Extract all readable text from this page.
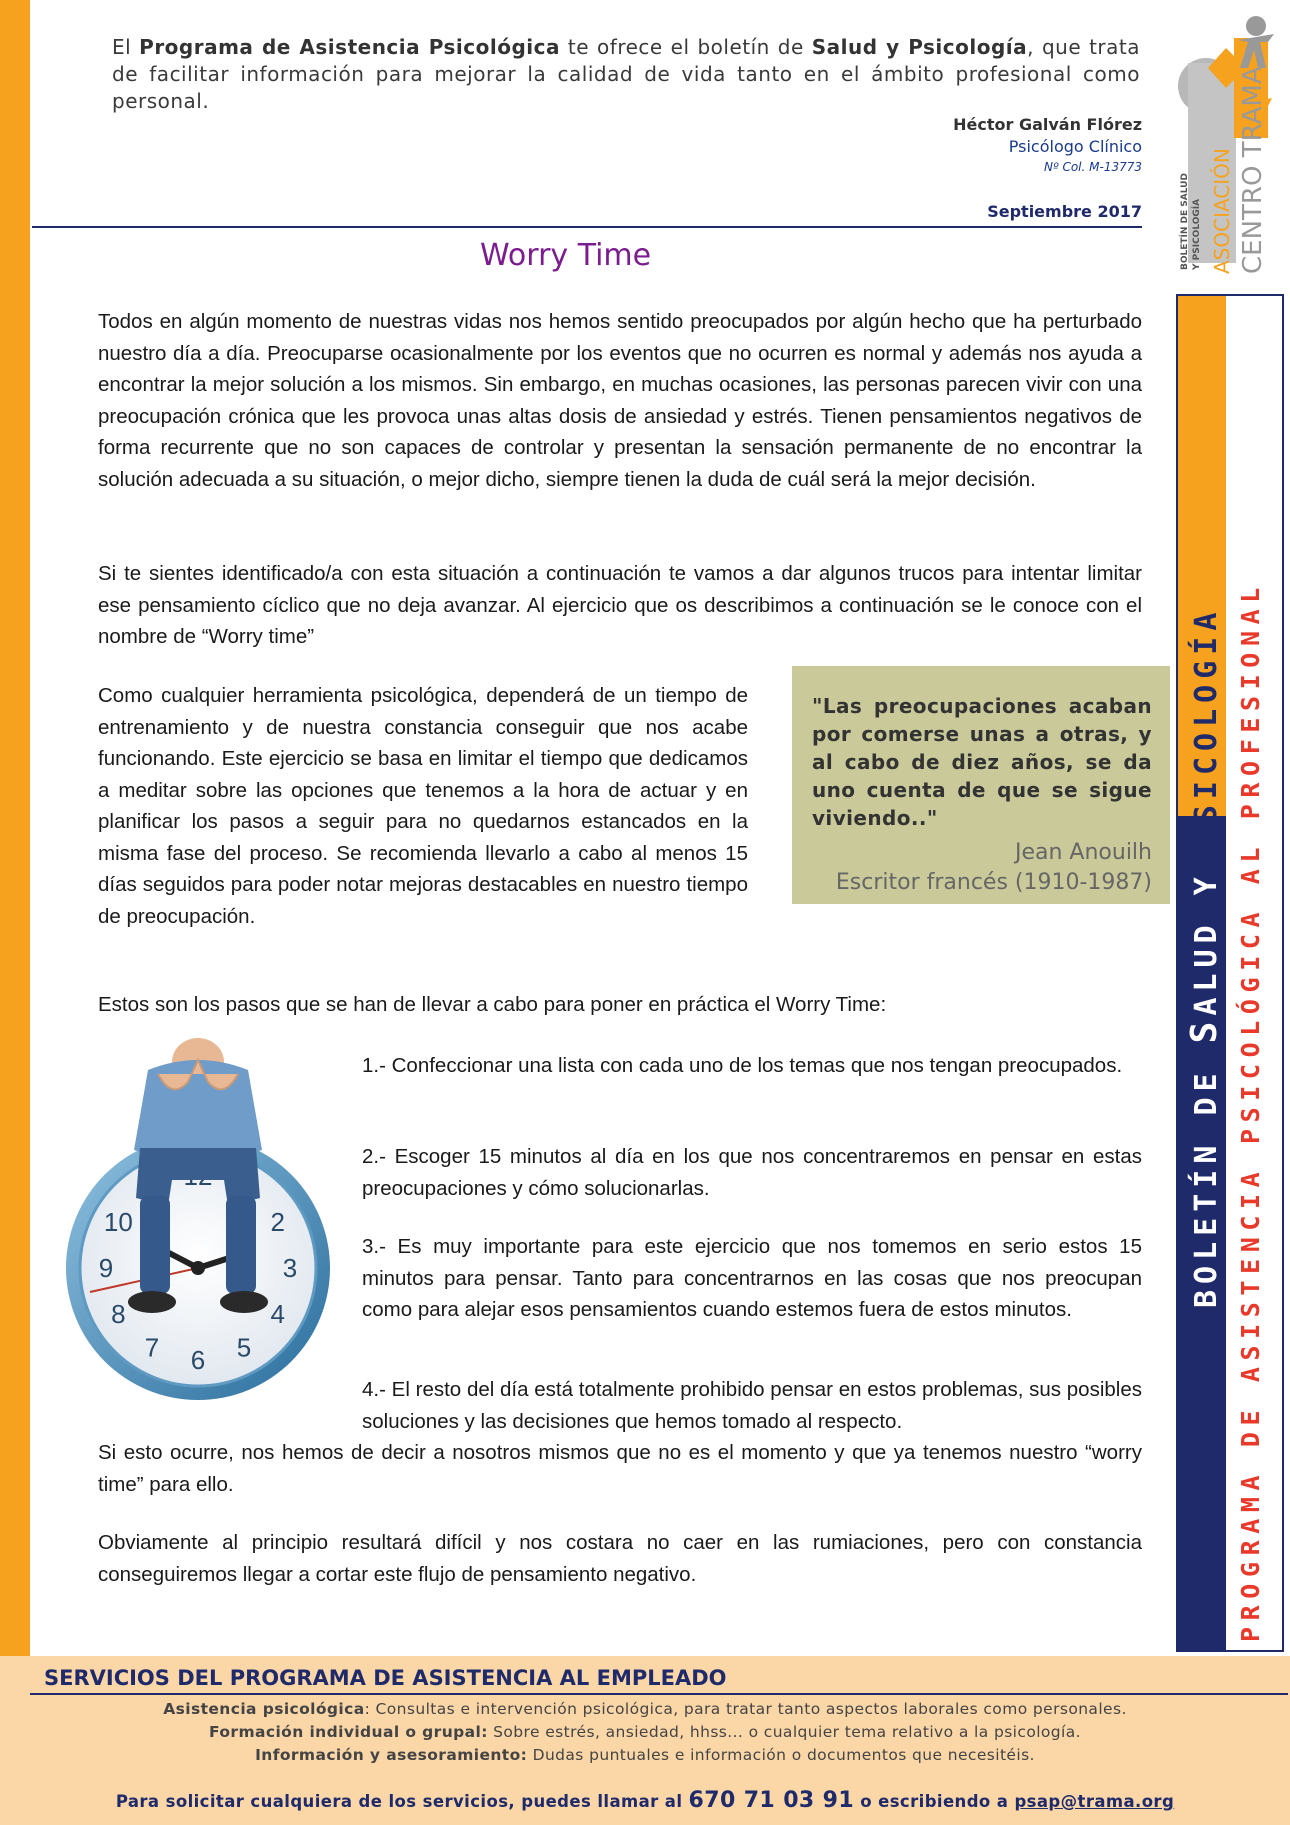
El Programa de Asistencia Psicológica te ofrece el boletín de Salud y Psicología, que trata de facilitar información para mejorar la calidad de vida tanto en el ámbito profesional como personal.
Héctor Galván Flórez
Psicólogo Clínico
Nº Col. M-13773
Septiembre 2017	BOLETÍN DE SALUD Y PSICOLOGÍA ASOCIACIÓN CENTRO TRAMA
Worry Time
Todos en algún momento de nuestras vidas nos hemos sentido preocupados por algún hecho que ha perturbado nuestro día a día. Preocuparse ocasionalmente por los eventos que no ocurren es normal y además nos ayuda a encontrar la mejor solución a los mismos. Sin embargo, en muchas ocasiones, las personas parecen vivir con una preocupación crónica que les provoca unas altas dosis de ansiedad y estrés. Tienen pensamientos negativos de forma recurrente que no son capaces de controlar y presentan la sensación permanente de no encontrar la solución adecuada a su situación, o mejor dicho, siempre tienen la duda de cuál será la mejor decisión.
Si te sientes identificado/a con esta situación a continuación te vamos a dar algunos trucos para intentar limitar ese pensamiento cíclico que no deja avanzar. Al ejercicio que os describimos a continuación se le conoce con el nombre de “Worry time”
Como cualquier herramienta psicológica, dependerá de un tiempo de entrenamiento y de nuestra constancia conseguir que nos acabe funcionando. Este ejercicio se basa en limitar el tiempo que dedicamos a meditar sobre las opciones que tenemos a la hora de actuar y en planificar los pasos a seguir para no quedarnos estancados en la misma fase del proceso. Se recomienda llevarlo a cabo al menos 15 días seguidos para poder notar mejoras destacables en nuestro tiempo de preocupación.
"Las preocupaciones acaban por comerse unas a otras, y al cabo de diez años, se da uno cuenta de que se sigue viviendo.."
Jean Anouilh
Escritor francés (1910-1987)
Estos son los pasos que se han de llevar a cabo para poner en práctica el Worry Time:
2
3
4
5
6
7
8
9
10
1.- Confeccionar una lista con cada uno de los temas que nos tengan preocupados.
2.- Escoger 15 minutos al día en los que nos concentraremos en pensar en estas preocupaciones y cómo solucionarlas.
3.- Es muy importante para este ejercicio que nos tomemos en serio estos 15 minutos para pensar. Tanto para concentrarnos en las cosas que nos preocupan como para alejar esos pensamientos cuando estemos fuera de estos minutos.
4.- El resto del día está totalmente prohibido pensar en estos problemas, sus posibles soluciones y las decisiones que hemos tomado al respecto.
Si esto ocurre, nos hemos de decir a nosotros mismos que no es el momento y que ya tenemos nuestro “worry time” para ello.
Obviamente al principio resultará difícil y nos costara no caer en las rumiaciones, pero con constancia conseguiremos llegar a cortar este flujo de pensamiento negativo.
BOLETÍN DE SALUD Y PSICOLOGÍA PROGRAMA DE ASISTENCIA PSICOLÓGICA AL PROFESIONAL
SERVICIOS DEL PROGRAMA DE ASISTENCIA AL EMPLEADO
Asistencia psicológica: Consultas e intervención psicológica, para tratar tanto aspectos laborales como personales.
Formación individual o grupal: Sobre estrés, ansiedad, hhss... o cualquier tema relativo a la psicología.
Información y asesoramiento: Dudas puntuales e información o documentos que necesitéis.
Para solicitar cualquiera de los servicios, puedes llamar al 670 71 03 91 o escribiendo a psap@trama.org
